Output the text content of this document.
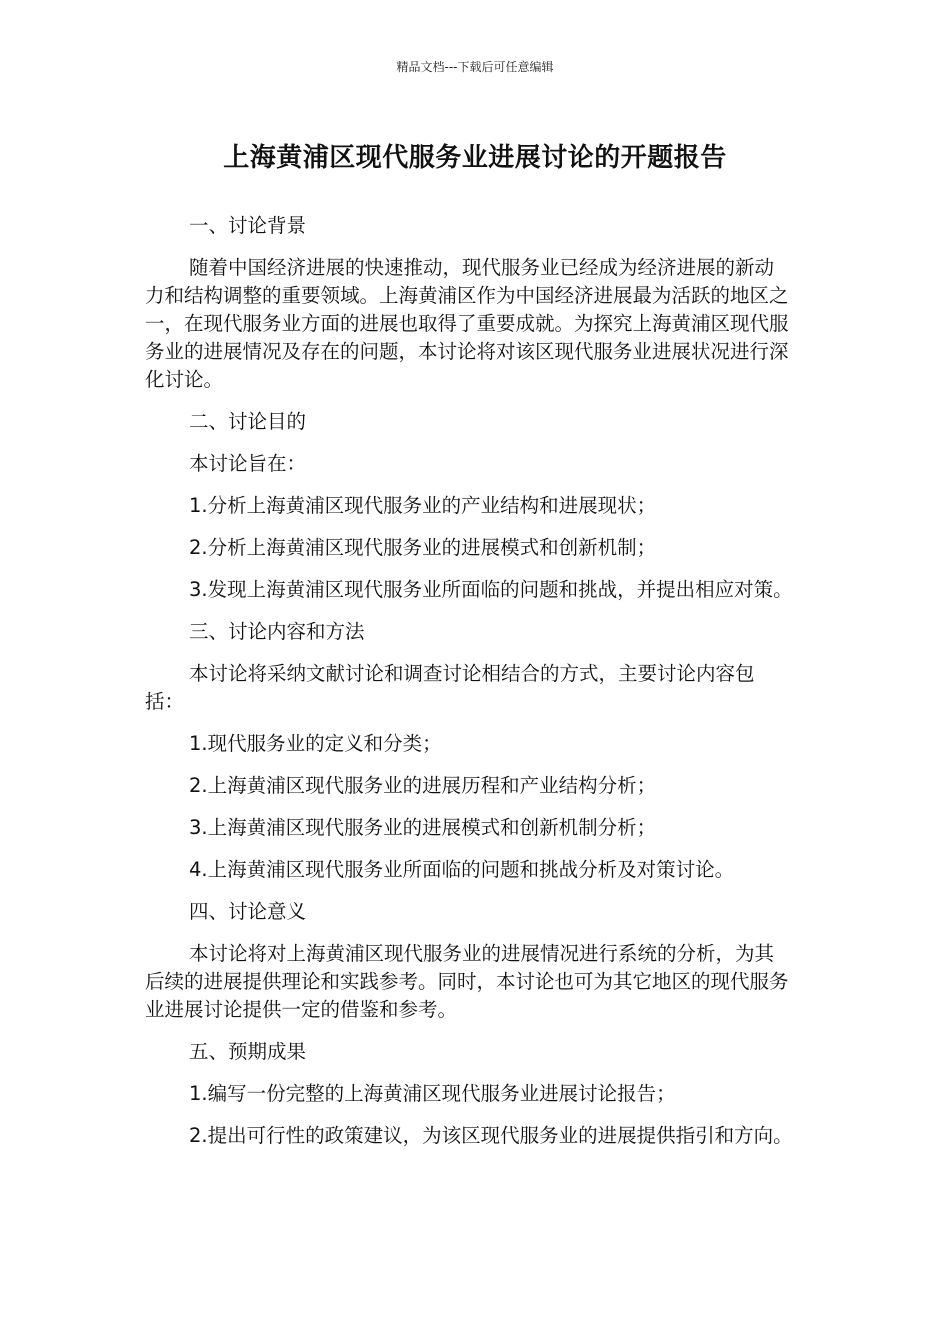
精品文档---下载后可任意编辑
上海黄浦区现代服务业进展讨论的开题报告

一、讨论背景

随着中国经济进展的快速推动，现代服务业已经成为经济进展的新动力和结构调整的重要领域。上海黄浦区作为中国经济进展最为活跃的地区之一，在现代服务业方面的进展也取得了重要成就。为探究上海黄浦区现代服务业的进展情况及存在的问题，本讨论将对该区现代服务业进展状况进行深化讨论。

二、讨论目的

本讨论旨在：

1.分析上海黄浦区现代服务业的产业结构和进展现状；

2.分析上海黄浦区现代服务业的进展模式和创新机制；

3.发现上海黄浦区现代服务业所面临的问题和挑战，并提出相应对策。

三、讨论内容和方法

本讨论将采纳文献讨论和调查讨论相结合的方式，主要讨论内容包括：

1.现代服务业的定义和分类；

2.上海黄浦区现代服务业的进展历程和产业结构分析；

3.上海黄浦区现代服务业的进展模式和创新机制分析；

4.上海黄浦区现代服务业所面临的问题和挑战分析及对策讨论。

四、讨论意义

本讨论将对上海黄浦区现代服务业的进展情况进行系统的分析，为其后续的进展提供理论和实践参考。同时，本讨论也可为其它地区的现代服务业进展讨论提供一定的借鉴和参考。

五、预期成果

1.编写一份完整的上海黄浦区现代服务业进展讨论报告；

2.提出可行性的政策建议，为该区现代服务业的进展提供指引和方向。
